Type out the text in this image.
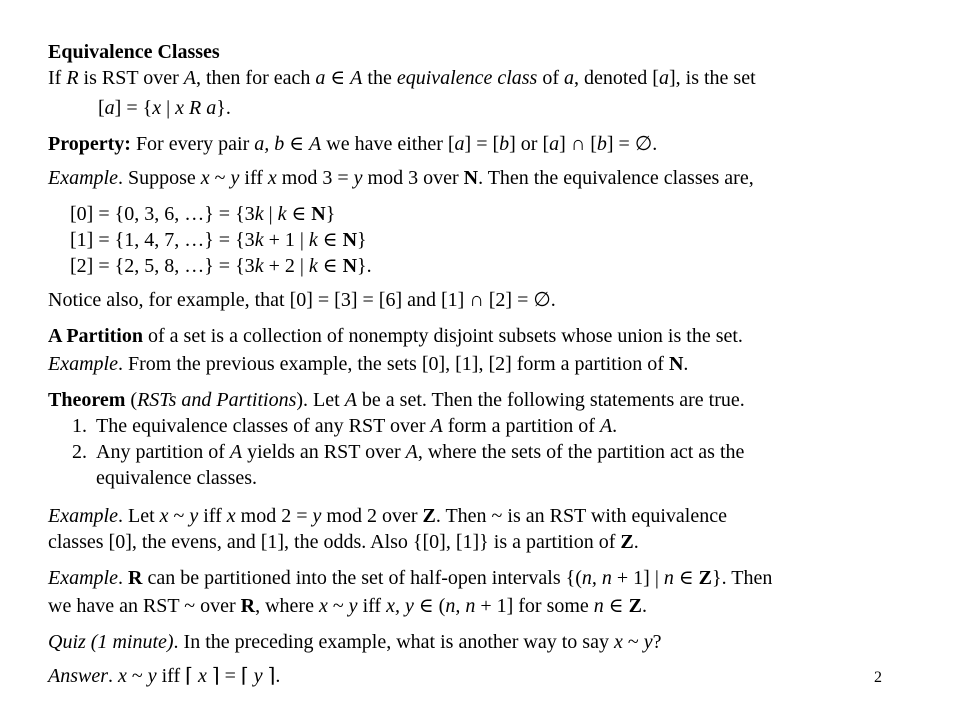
Equivalence Classes
If R is RST over A, then for each a ∈ A the equivalence class of a, denoted [a], is the set
[a] = {x | x R a}.
Property: For every pair a, b ∈ A we have either [a] = [b] or [a] ∩ [b] = ∅.
Example. Suppose x ~ y iff x mod 3 = y mod 3 over N. Then the equivalence classes are,
[0] = {0, 3, 6, …} = {3k | k ∈ N}
[1] = {1, 4, 7, …} = {3k + 1 | k ∈ N}
[2] = {2, 5, 8, …} = {3k + 2 | k ∈ N}.
Notice also, for example, that [0] = [3] = [6] and [1] ∩ [2] = ∅.
A Partition of a set is a collection of nonempty disjoint subsets whose union is the set.
Example. From the previous example, the sets [0], [1], [2] form a partition of N.
Theorem (RSTs and Partitions). Let A be a set. Then the following statements are true.
1. The equivalence classes of any RST over A form a partition of A.
2. Any partition of A yields an RST over A, where the sets of the partition act as the
equivalence classes.
Example. Let x ~ y iff x mod 2 = y mod 2 over Z. Then ~ is an RST with equivalence
classes [0], the evens, and [1], the odds. Also {[0], [1]} is a partition of Z.
Example. R can be partitioned into the set of half-open intervals {(n, n + 1] | n ∈ Z}. Then
we have an RST ~ over R, where x ~ y iff x, y ∈ (n, n + 1] for some n ∈ Z.
Quiz (1 minute). In the preceding example, what is another way to say x ~ y?
Answer. x ~ y iff ⌈ x ⌉ = ⌈ y ⌉.	2
